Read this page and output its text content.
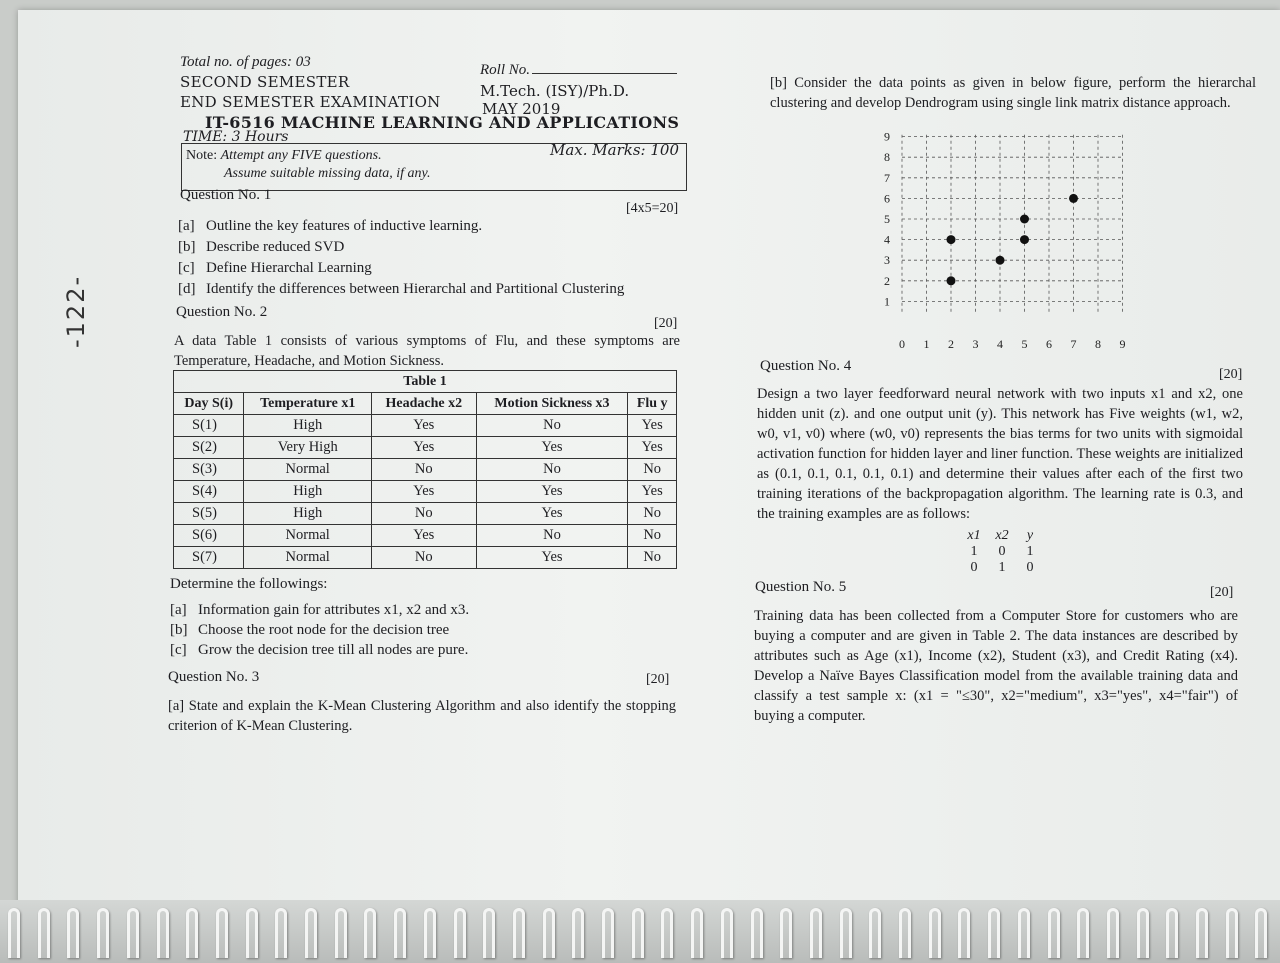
-122-
Total no. of pages: 03
SECOND SEMESTER
END SEMESTER EXAMINATION
IT-6516 MACHINE LEARNING AND APPLICATIONS
TIME: 3 Hours
Roll No.
M.Tech. (ISY)/Ph.D.
MAY 2019
Max. Marks: 100
Note: Attempt any FIVE questions.
Assume suitable missing data, if any.
Question No. 1
[4x5=20]
[a] Outline the key features of inductive learning.
[b] Describe reduced SVD
[c] Define Hierarchal Learning
[d] Identify the differences between Hierarchal and Partitional Clustering
Question No. 2
[20]
A data Table 1 consists of various symptoms of Flu, and these symptoms are Temperature, Headache, and Motion Sickness.
Table 1				
Day S(i)	Temperature x1	Headache x2	Motion Sickness x3	Flu y
S(1)	High	Yes	No	Yes
S(2)	Very High	Yes	Yes	Yes
S(3)	Normal	No	No	No
S(4)	High	Yes	Yes	Yes
S(5)	High	No	Yes	No
S(6)	Normal	Yes	No	No
S(7)	Normal	No	Yes	No
Determine the followings:
[a] Information gain for attributes x1, x2 and x3.
[b] Choose the root node for the decision tree
[c] Grow the decision tree till all nodes are pure.
Question No. 3	[20]
[a] State and explain the K-Mean Clustering Algorithm and also identify the stopping criterion of K-Mean Clustering.
[b] Consider the data points as given in below figure, perform the hierarchal clustering and develop Dendrogram using single link matrix distance approach.
1
2
3
4
5
6
7
8
9
0 1 2 3 4 5 6 7 8 9
Question No. 4
[20]
Design a two layer feedforward neural network with two inputs x1 and x2, one hidden unit (z). and one output unit (y). This network has Five weights (w1, w2, w0, v1, v0) where (w0, v0) represents the bias terms for two units with sigmoidal activation function for hidden layer and liner function. These weights are initialized as (0.1, 0.1, 0.1, 0.1, 0.1) and determine their values after each of the first two training iterations of the backpropagation algorithm. The learning rate is 0.3, and the training examples are as follows:
x1 x2 y
1 0 1
0 1 0
Question No. 5	[20]
Training data has been collected from a Computer Store for customers who are buying a computer and are given in Table 2. The data instances are described by attributes such as Age (x1), Income (x2), Student (x3), and Credit Rating (x4). Develop a Naïve Bayes Classification model from the available training data and classify a test sample x: (x1 = "≤30", x2="medium", x3="yes", x4="fair") of buying a computer.
